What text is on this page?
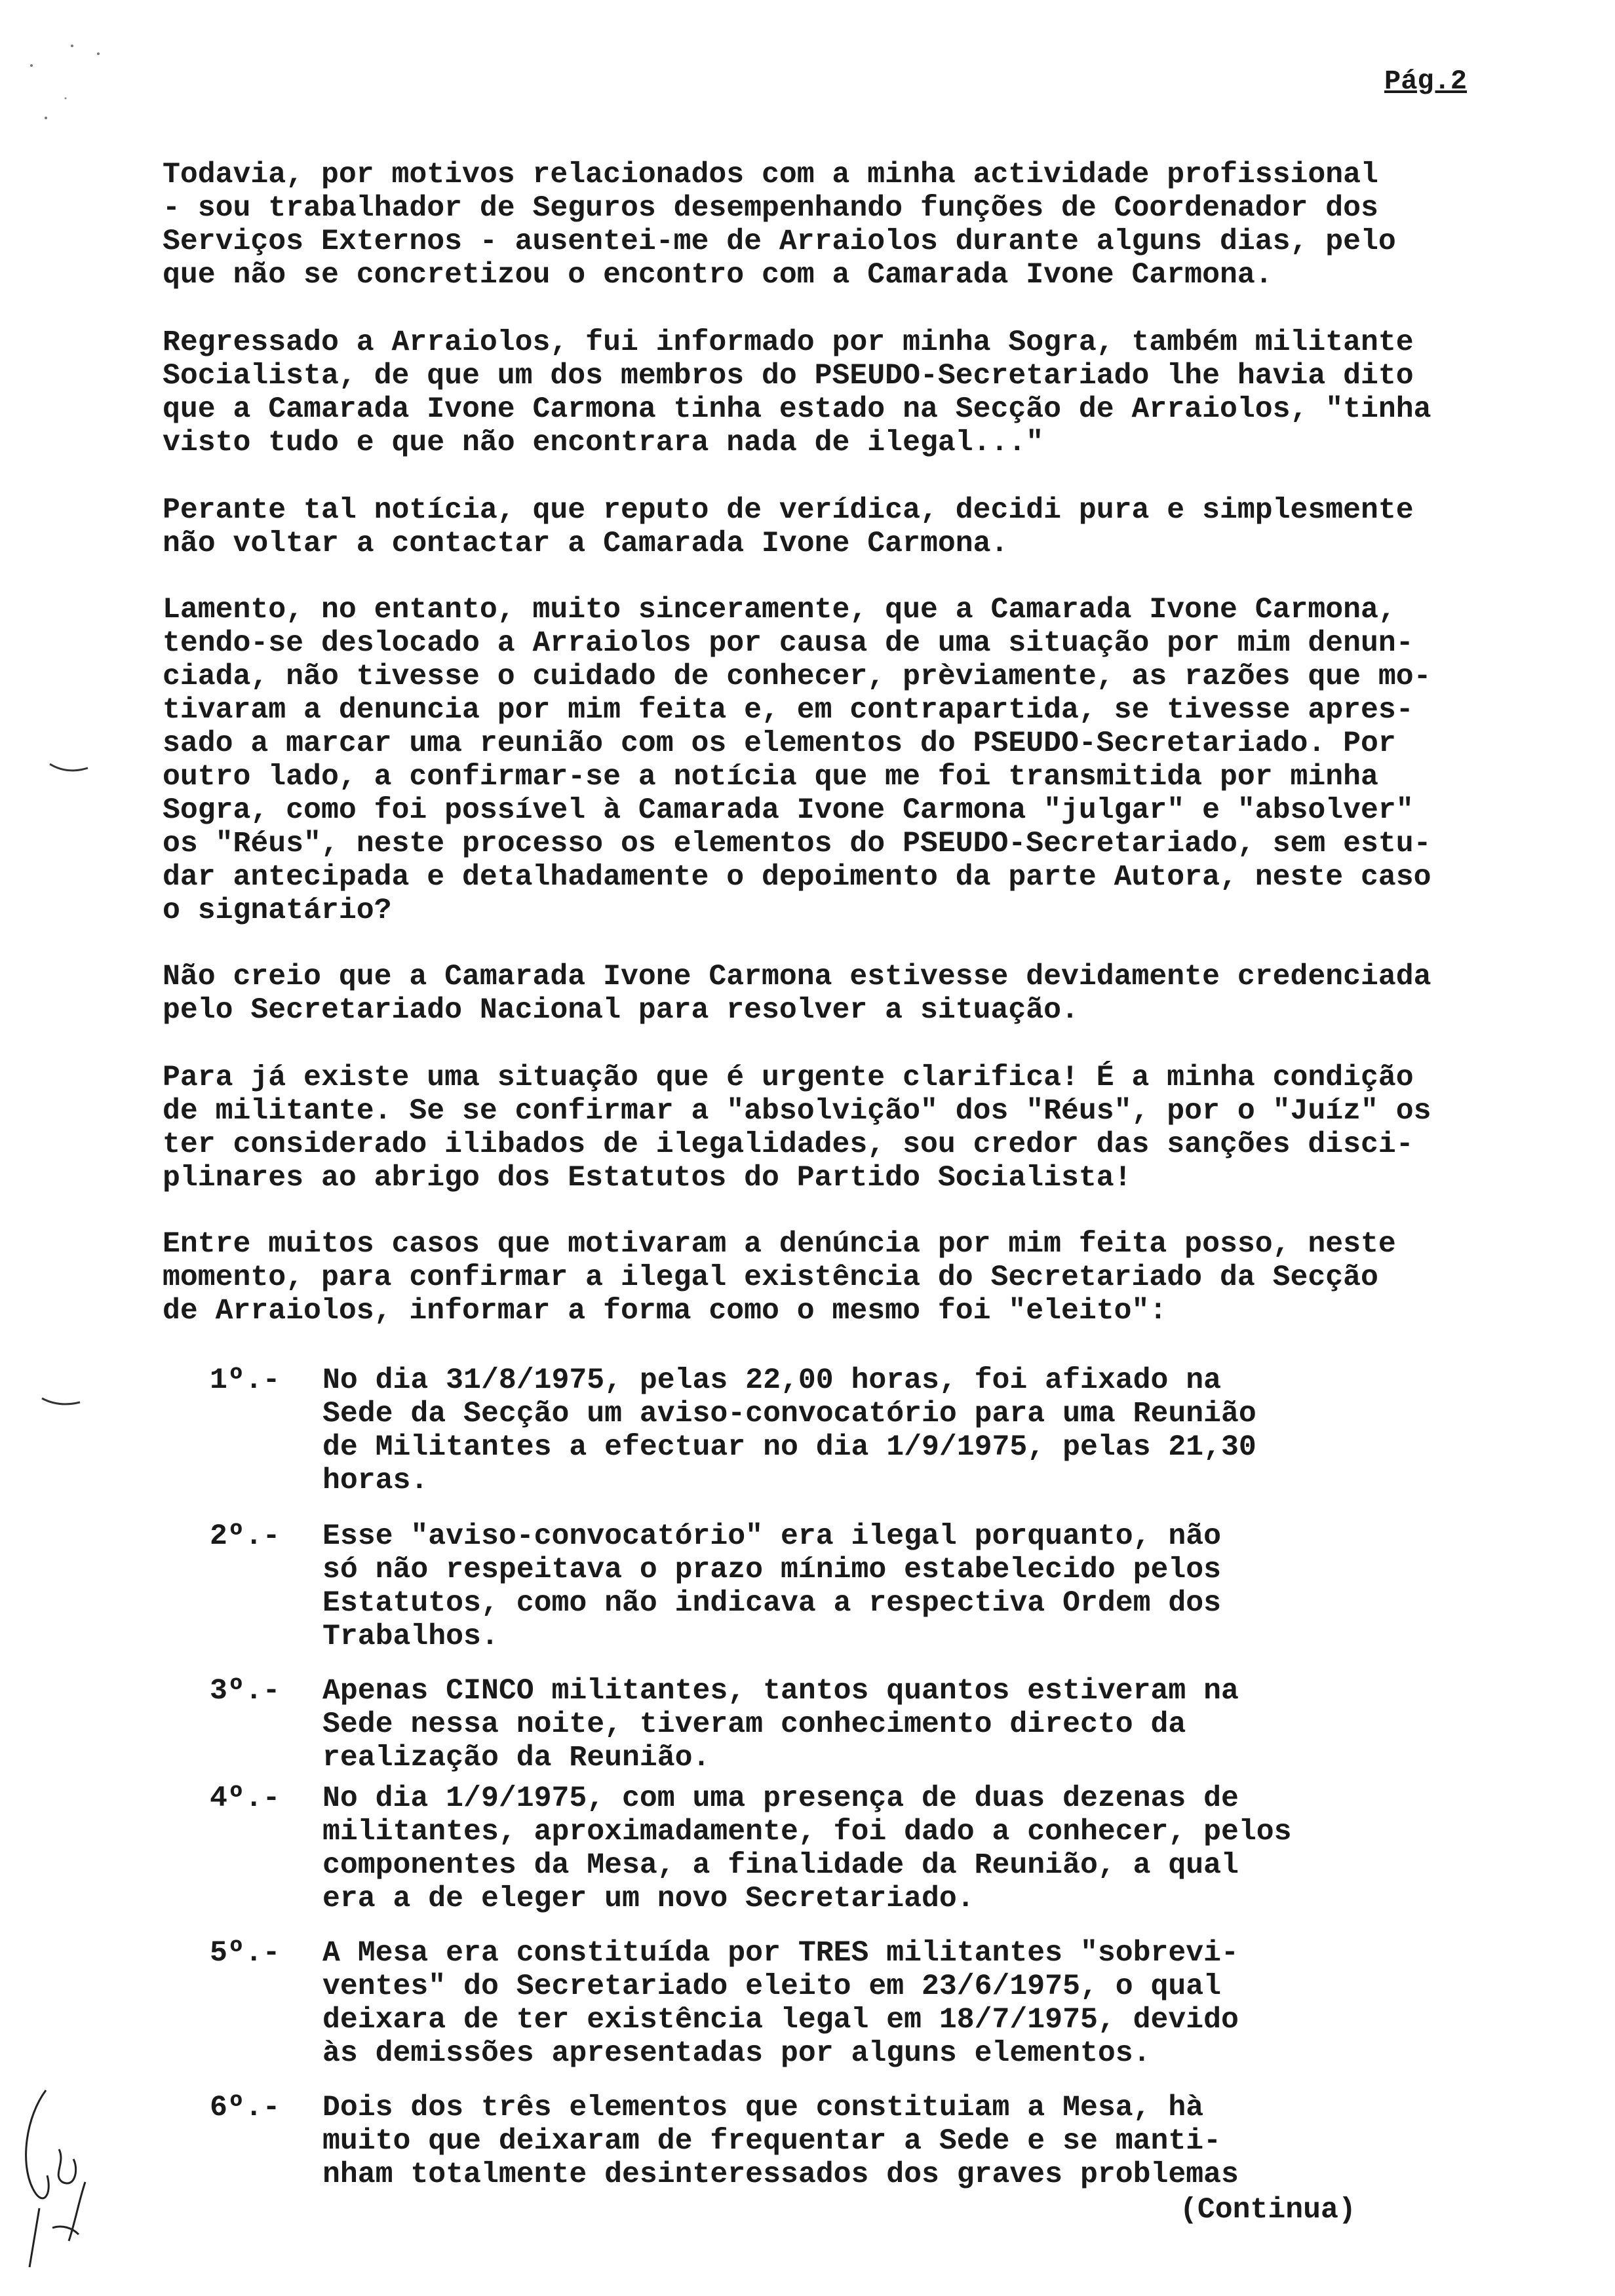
Pág.2
Todavia, por motivos relacionados com a minha actividade profissional
- sou trabalhador de Seguros desempenhando funções de Coordenador dos
Serviços Externos - ausentei-me de Arraiolos durante alguns dias, pelo
que não se concretizou o encontro com a Camarada Ivone Carmona.
Regressado a Arraiolos, fui informado por minha Sogra, também militante
Socialista, de que um dos membros do PSEUDO-Secretariado lhe havia dito
que a Camarada Ivone Carmona tinha estado na Secção de Arraiolos, "tinha
visto tudo e que não encontrara nada de ilegal..."
Perante tal notícia, que reputo de verídica, decidi pura e simplesmente
não voltar a contactar a Camarada Ivone Carmona.
Lamento, no entanto, muito sinceramente, que a Camarada Ivone Carmona,
tendo-se deslocado a Arraiolos por causa de uma situação por mim denun-
ciada, não tivesse o cuidado de conhecer, prèviamente, as razões que mo-
tivaram a denuncia por mim feita e, em contrapartida, se tivesse apres-
sado a marcar uma reunião com os elementos do PSEUDO-Secretariado. Por
outro lado, a confirmar-se a notícia que me foi transmitida por minha
Sogra, como foi possível à Camarada Ivone Carmona "julgar" e "absolver"
os "Réus", neste processo os elementos do PSEUDO-Secretariado, sem estu-
dar antecipada e detalhadamente o depoimento da parte Autora, neste caso
o signatário?
Não creio que a Camarada Ivone Carmona estivesse devidamente credenciada
pelo Secretariado Nacional para resolver a situação.
Para já existe uma situação que é urgente clarifica! É a minha condição
de militante. Se se confirmar a "absolvição" dos "Réus", por o "Juíz" os
ter considerado ilibados de ilegalidades, sou credor das sanções disci-
plinares ao abrigo dos Estatutos do Partido Socialista!
Entre muitos casos que motivaram a denúncia por mim feita posso, neste
momento, para confirmar a ilegal existência do Secretariado da Secção
de Arraiolos, informar a forma como o mesmo foi "eleito":
1º.- No dia 31/8/1975, pelas 22,00 horas, foi afixado na
Sede da Secção um aviso-convocatório para uma Reunião
de Militantes a efectuar no dia 1/9/1975, pelas 21,30
horas.
2º.- Esse "aviso-convocatório" era ilegal porquanto, não
só não respeitava o prazo mínimo estabelecido pelos
Estatutos, como não indicava a respectiva Ordem dos
Trabalhos.
3º.- Apenas CINCO militantes, tantos quantos estiveram na
Sede nessa noite, tiveram conhecimento directo da
realização da Reunião.
4º.- No dia 1/9/1975, com uma presença de duas dezenas de
militantes, aproximadamente, foi dado a conhecer, pelos
componentes da Mesa, a finalidade da Reunião, a qual
era a de eleger um novo Secretariado.
5º.- A Mesa era constituída por TRES militantes "sobrevi-
ventes" do Secretariado eleito em 23/6/1975, o qual
deixara de ter existência legal em 18/7/1975, devido
às demissões apresentadas por alguns elementos.
6º.- Dois dos três elementos que constituiam a Mesa, hà
muito que deixaram de frequentar a Sede e se manti-
nham totalmente desinteressados dos graves problemas
(Continua)
